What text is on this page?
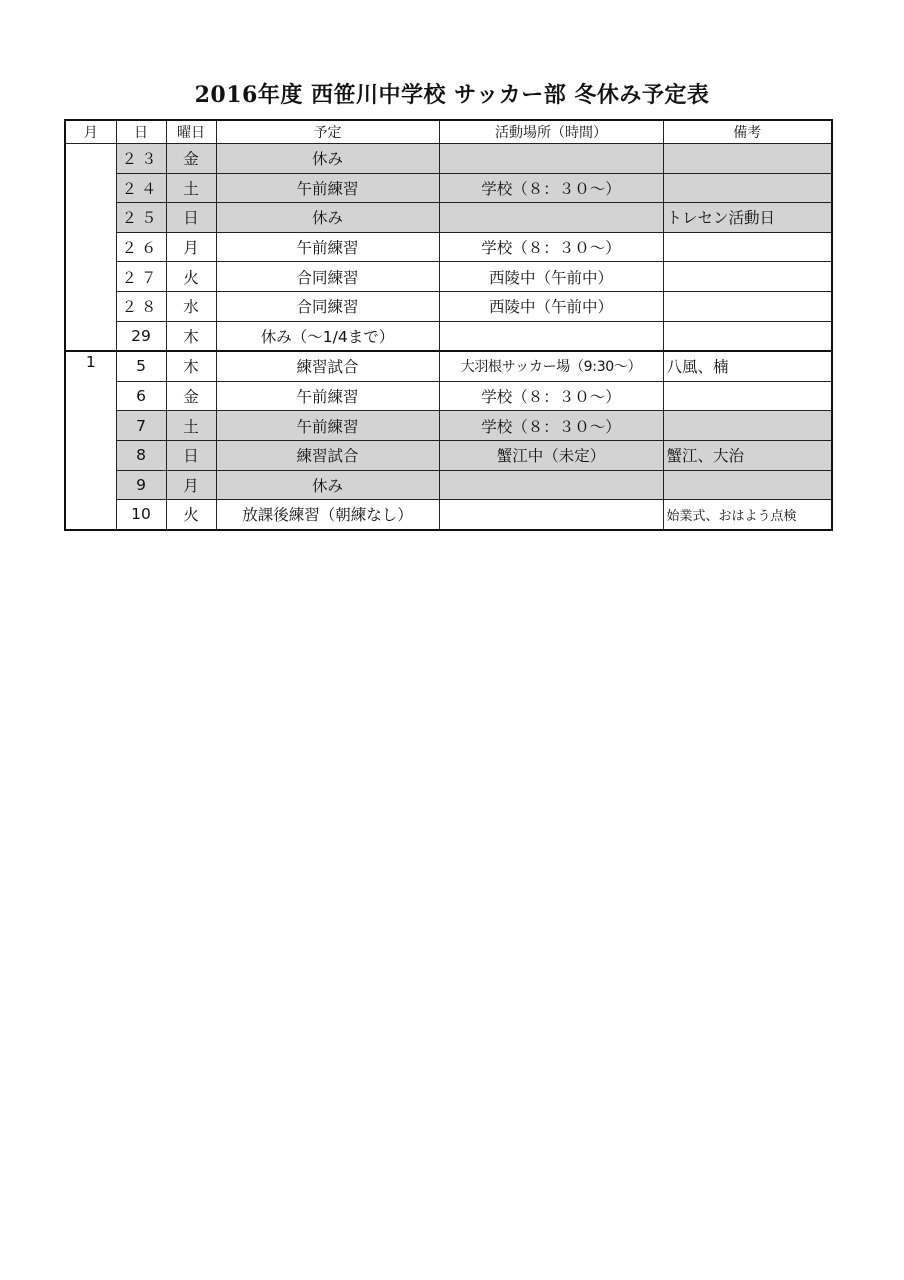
2016年度 西笹川中学校 サッカー部 冬休み予定表
月	日	曜日	予定	活動場所（時間）	備考
	２３	金	休み		
	２４	土	午前練習	学校（８：３０～）	
	２５	日	休み		トレセン活動日
	２６	月	午前練習	学校（８：３０～）	
	２７	火	合同練習	西陵中（午前中）	
	２８	水	合同練習	西陵中（午前中）	
	29	木	休み（～1/4まで）		
1	5	木	練習試合	大羽根サッカー場（9:30～）	八風、楠
	6	金	午前練習	学校（８：３０～）	
	7	土	午前練習	学校（８：３０～）	
	8	日	練習試合	蟹江中（未定）	蟹江、大治
	9	月	休み		
	10	火	放課後練習（朝練なし）		始業式、おはよう点検
